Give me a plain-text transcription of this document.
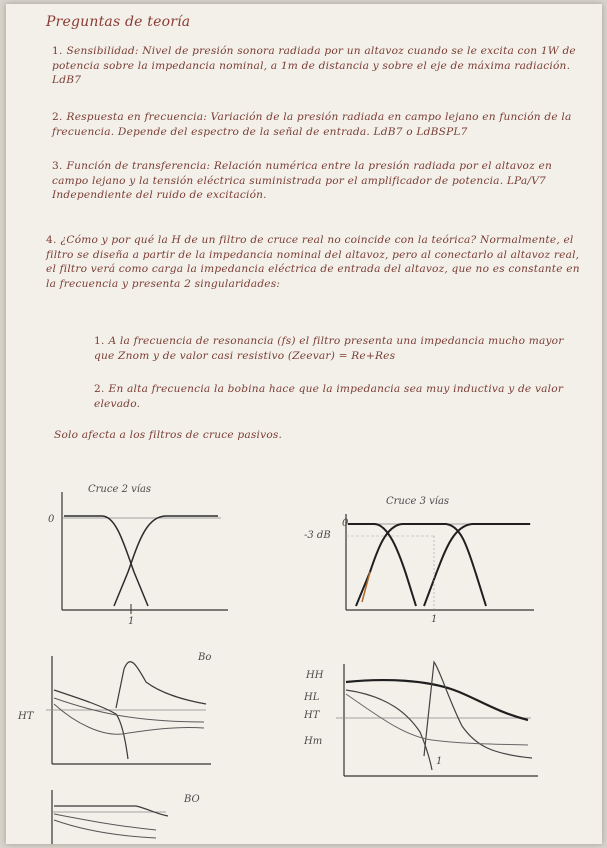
Preguntas de teoría
1. Sensibilidad: Nivel de presión sonora radiada por un altavoz cuando se le excita con 1W de potencia sobre la impedancia nominal, a 1m de distancia y sobre el eje de máxima radiación. LdB7
2. Respuesta en frecuencia: Variación de la presión radiada en campo lejano en función de la frecuencia. Depende del espectro de la señal de entrada. LdB7 o LdBSPL7
3. Función de transferencia: Relación numérica entre la presión radiada por el altavoz en campo lejano y la tensión eléctrica suministrada por el amplificador de potencia. LPa/V7 Independiente del ruido de excitación.
4. ¿Cómo y por qué la H de un filtro de cruce real no coincide con la teórica? Normalmente, el filtro se diseña a partir de la impedancia nominal del altavoz, pero al conectarlo al altavoz real, el filtro verá como carga la impedancia eléctrica de entrada del altavoz, que no es constante en la frecuencia y presenta 2 singularidades:
1. A la frecuencia de resonancia (fs) el filtro presenta una impedancia mucho mayor que Znom y de valor casi resistivo (Zeevar) = Re+Res
2. En alta frecuencia la bobina hace que la impedancia sea muy inductiva y de valor elevado.
Solo afecta a los filtros de cruce pasivos.
Cruce 2 vías
0
1
Cruce 3 vías
0
-3 dB
1
Bo
HT
HH
HL
HT
Hm
1
BO
